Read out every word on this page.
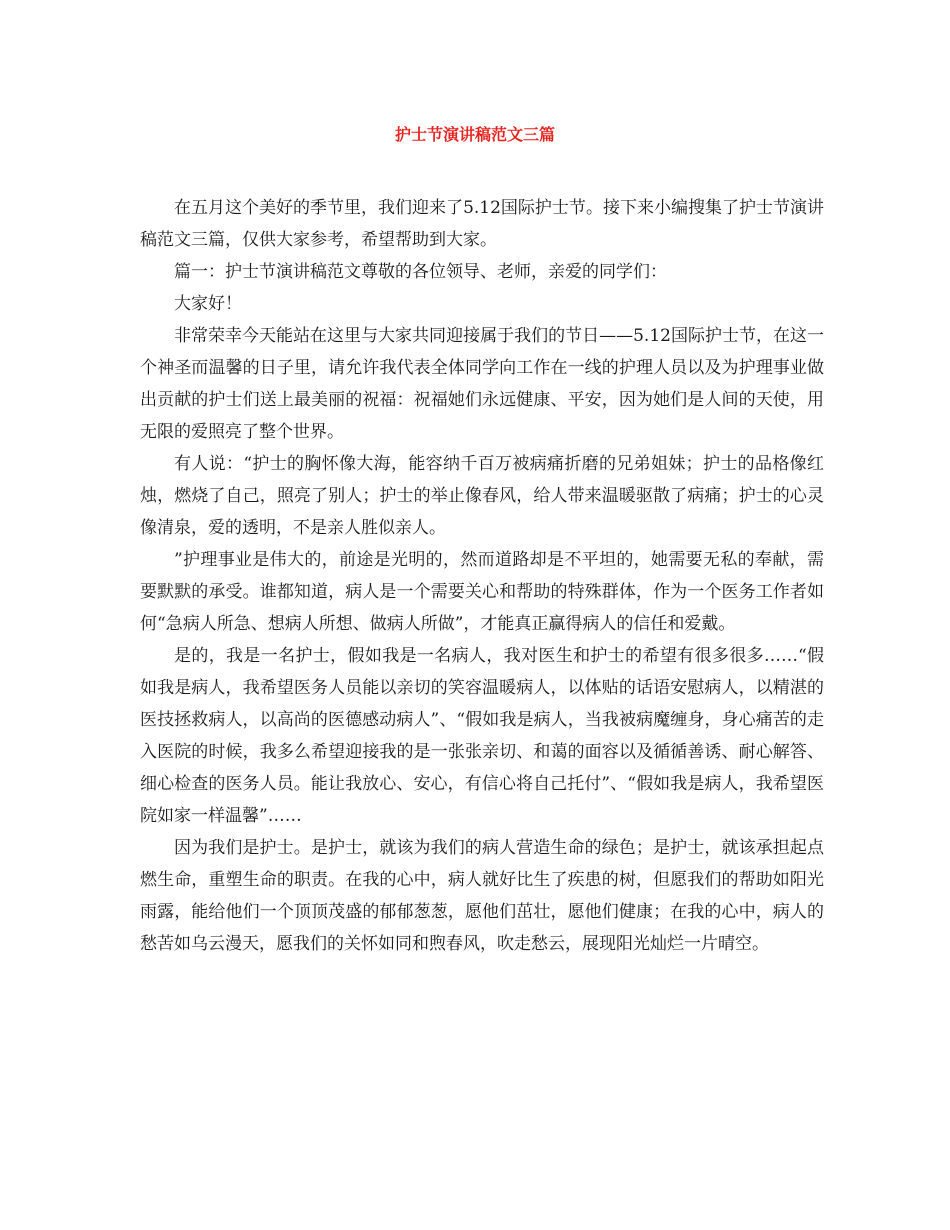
护士节演讲稿范文三篇

在五月这个美好的季节里，我们迎来了5.12国际护士节。接下来小编搜集了护士节演讲稿范文三篇，仅供大家参考，希望帮助到大家。

篇一：护士节演讲稿范文尊敬的各位领导、老师，亲爱的同学们：

大家好！

非常荣幸今天能站在这里与大家共同迎接属于我们的节日——5.12国际护士节，在这一个神圣而温馨的日子里，请允许我代表全体同学向工作在一线的护理人员以及为护理事业做出贡献的护士们送上最美丽的祝福：祝福她们永远健康、平安，因为她们是人间的天使，用无限的爱照亮了整个世界。

有人说：“护士的胸怀像大海，能容纳千百万被病痛折磨的兄弟姐妹；护士的品格像红烛，燃烧了自己，照亮了别人；护士的举止像春风，给人带来温暖驱散了病痛；护士的心灵像清泉，爱的透明，不是亲人胜似亲人。

”护理事业是伟大的，前途是光明的，然而道路却是不平坦的，她需要无私的奉献，需要默默的承受。谁都知道，病人是一个需要关心和帮助的特殊群体，作为一个医务工作者如何“急病人所急、想病人所想、做病人所做”，才能真正赢得病人的信任和爱戴。

是的，我是一名护士，假如我是一名病人，我对医生和护士的希望有很多很多……“假如我是病人，我希望医务人员能以亲切的笑容温暖病人，以体贴的话语安慰病人，以精湛的医技拯救病人，以高尚的医德感动病人”、“假如我是病人，当我被病魔缠身，身心痛苦的走入医院的时候，我多么希望迎接我的是一张张亲切、和蔼的面容以及循循善诱、耐心解答、细心检查的医务人员。能让我放心、安心，有信心将自己托付”、“假如我是病人，我希望医院如家一样温馨”……

因为我们是护士。是护士，就该为我们的病人营造生命的绿色；是护士，就该承担起点燃生命，重塑生命的职责。在我的心中，病人就好比生了疾患的树，但愿我们的帮助如阳光雨露，能给他们一个顶顶茂盛的郁郁葱葱，愿他们茁壮，愿他们健康；在我的心中，病人的愁苦如乌云漫天，愿我们的关怀如同和煦春风，吹走愁云，展现阳光灿烂一片晴空。
